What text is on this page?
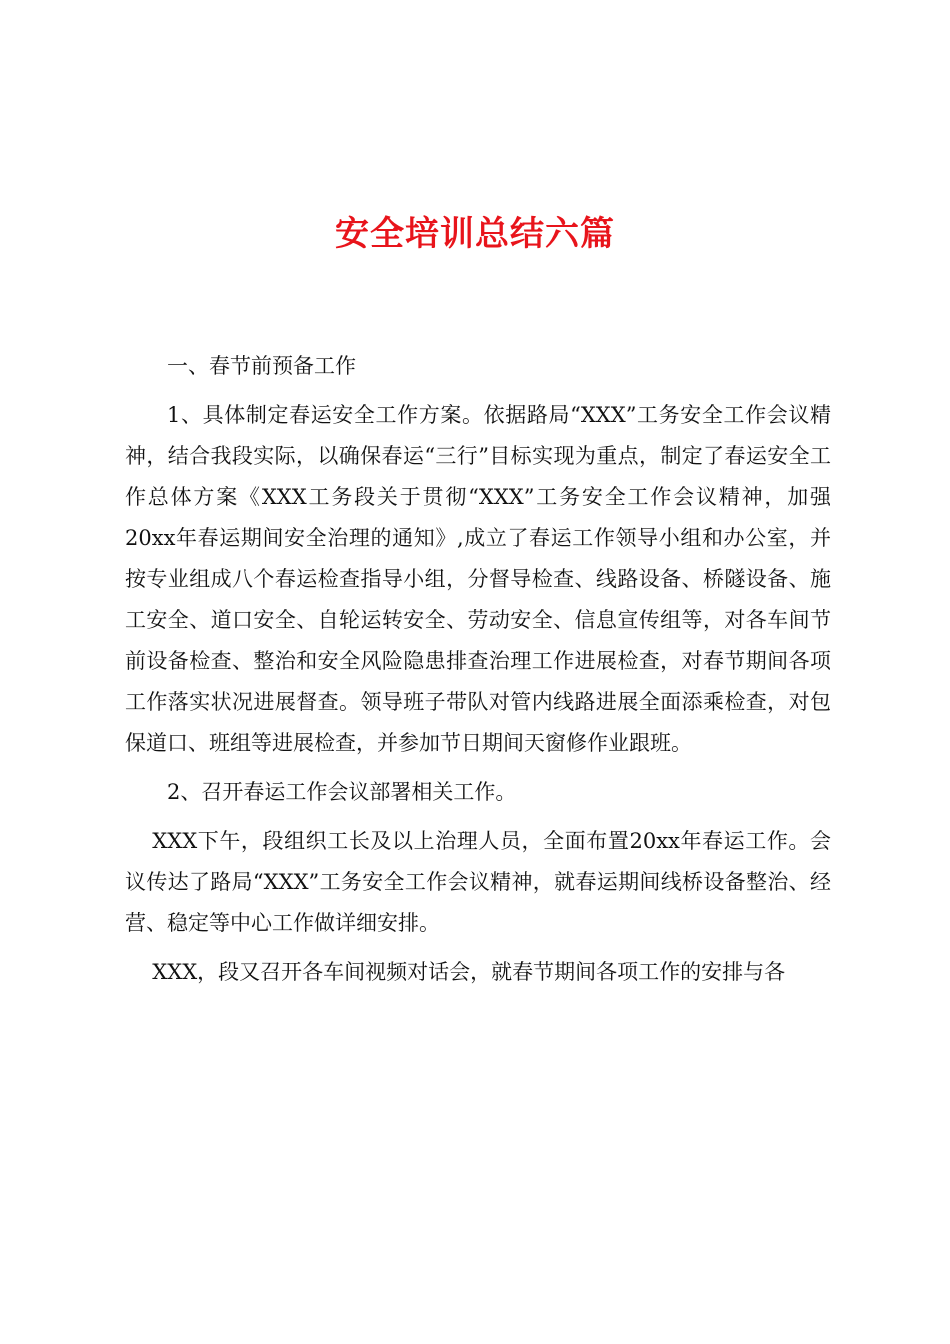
安全培训总结六篇

一、春节前预备工作

1、具体制定春运安全工作方案。依据路局“XXX”工务安全工作会议精神，结合我段实际，以确保春运“三行”目标实现为重点，制定了春运安全工作总体方案《XXX工务段关于贯彻“XXX”工务安全工作会议精神，加强20xx年春运期间安全治理的通知》,成立了春运工作领导小组和办公室，并按专业组成八个春运检查指导小组，分督导检查、线路设备、桥隧设备、施工安全、道口安全、自轮运转安全、劳动安全、信息宣传组等，对各车间节前设备检查、整治和安全风险隐患排查治理工作进展检查，对春节期间各项工作落实状况进展督查。领导班子带队对管内线路进展全面添乘检查，对包保道口、班组等进展检查，并参加节日期间天窗修作业跟班。

2、召开春运工作会议部署相关工作。

XXX下午，段组织工长及以上治理人员，全面布置20xx年春运工作。会议传达了路局“XXX”工务安全工作会议精神，就春运期间线桥设备整治、经营、稳定等中心工作做详细安排。

XXX，段又召开各车间视频对话会，就春节期间各项工作的安排与各
